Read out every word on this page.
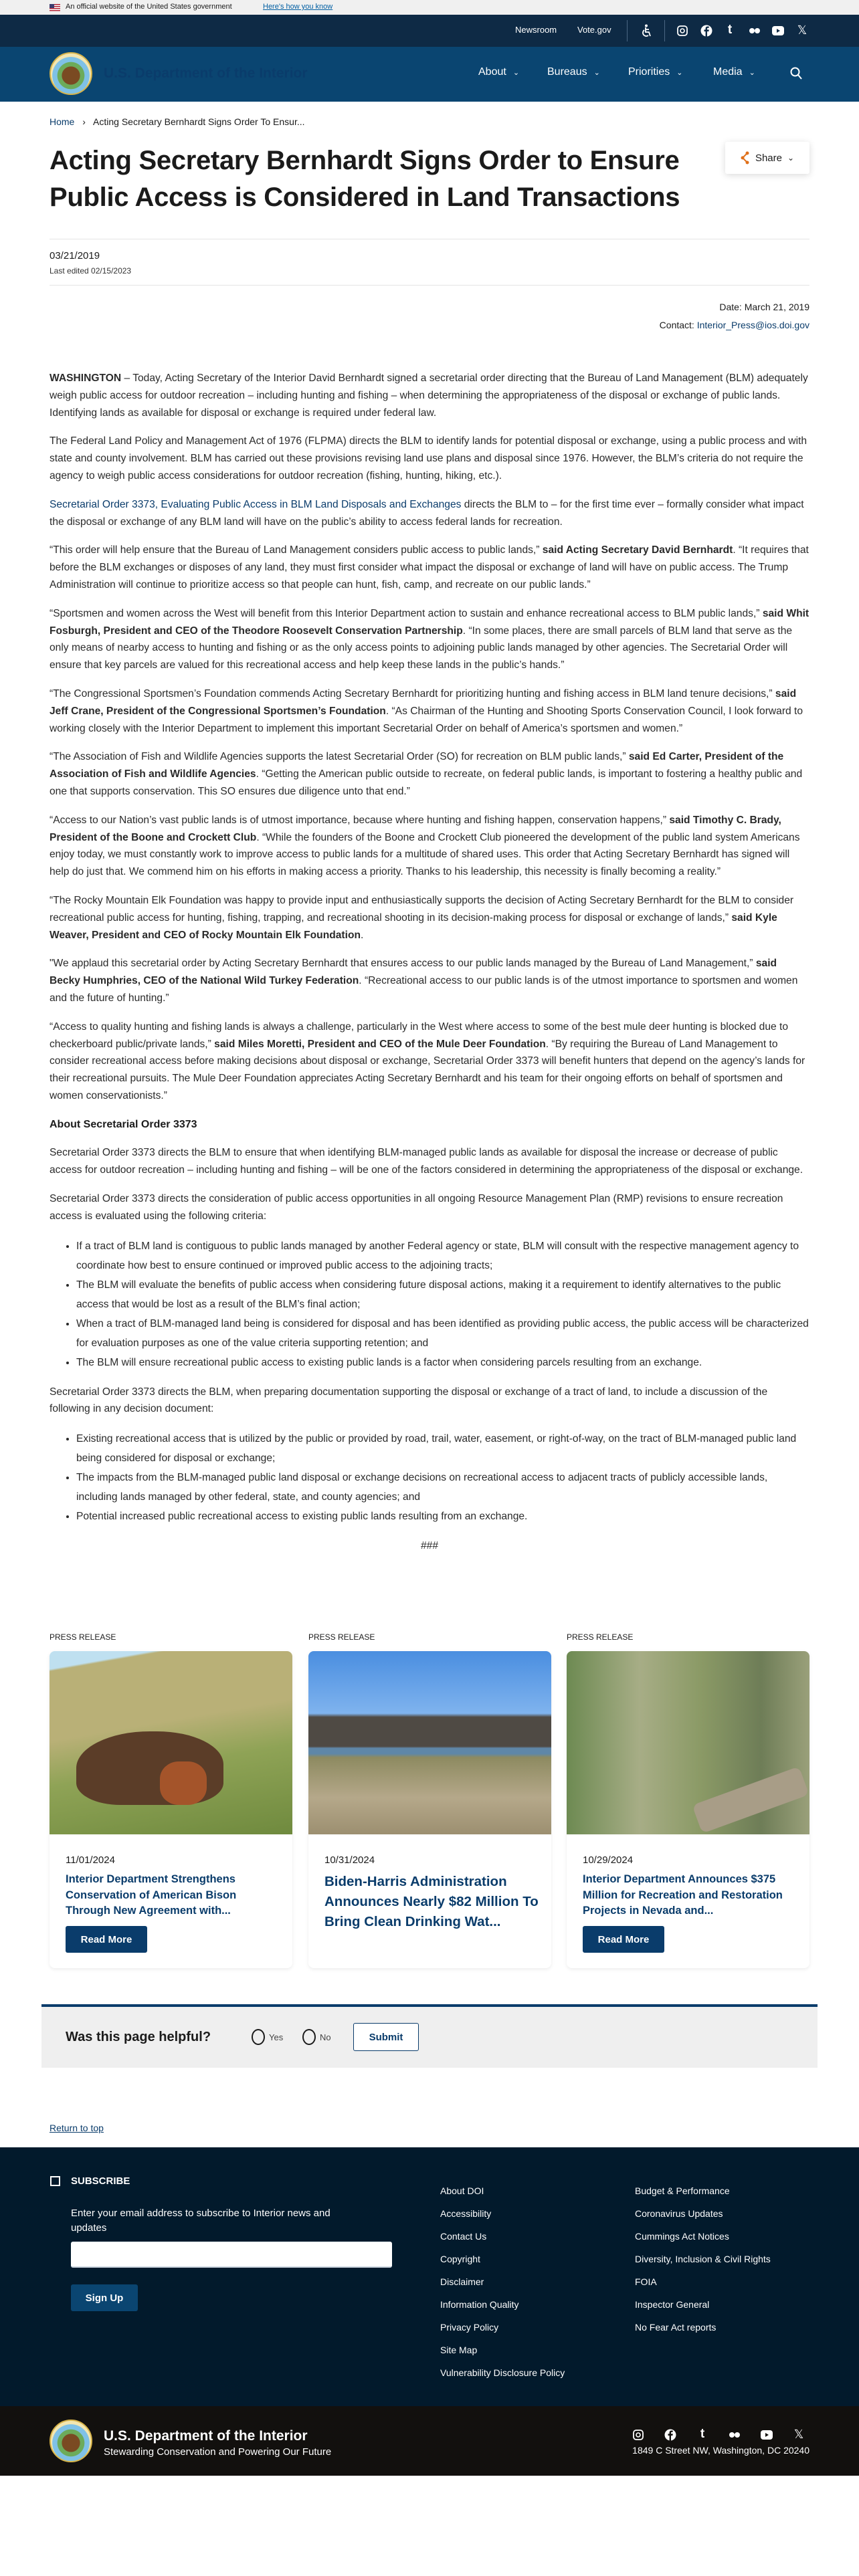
An official website of the United States government	Here's how you know
Newsroom Vote.gov	t	𝕏
U.S. Department of the Interior	About ⌄	Bureaus ⌄	Priorities ⌄	Media ⌄
Home › Acting Secretary Bernhardt Signs Order To Ensur...
Acting Secretary Bernhardt Signs Order to Ensure Public Access is Considered in Land Transactions
Share ⌄
03/21/2019
Last edited 02/15/2023
Date: March 21, 2019
Contact: Interior_Press@ios.doi.gov

WASHINGTON – Today, Acting Secretary of the Interior David Bernhardt signed a secretarial order directing that the Bureau of Land Management (BLM) adequately weigh public access for outdoor recreation – including hunting and fishing – when determining the appropriateness of the disposal or exchange of public lands. Identifying lands as available for disposal or exchange is required under federal law.

The Federal Land Policy and Management Act of 1976 (FLPMA) directs the BLM to identify lands for potential disposal or exchange, using a public process and with state and county involvement. BLM has carried out these provisions revising land use plans and disposal since 1976. However, the BLM’s criteria do not require the agency to weigh public access considerations for outdoor recreation (fishing, hunting, hiking, etc.).

Secretarial Order 3373, Evaluating Public Access in BLM Land Disposals and Exchanges directs the BLM to – for the first time ever – formally consider what impact the disposal or exchange of any BLM land will have on the public’s ability to access federal lands for recreation.

“This order will help ensure that the Bureau of Land Management considers public access to public lands,” said Acting Secretary David Bernhardt. “It requires that before the BLM exchanges or disposes of any land, they must first consider what impact the disposal or exchange of land will have on public access. The Trump Administration will continue to prioritize access so that people can hunt, fish, camp, and recreate on our public lands.”

“Sportsmen and women across the West will benefit from this Interior Department action to sustain and enhance recreational access to BLM public lands,” said Whit Fosburgh, President and CEO of the Theodore Roosevelt Conservation Partnership. “In some places, there are small parcels of BLM land that serve as the only means of nearby access to hunting and fishing or as the only access points to adjoining public lands managed by other agencies. The Secretarial Order will ensure that key parcels are valued for this recreational access and help keep these lands in the public’s hands.”

“The Congressional Sportsmen’s Foundation commends Acting Secretary Bernhardt for prioritizing hunting and fishing access in BLM land tenure decisions,” said Jeff Crane, President of the Congressional Sportsmen’s Foundation. “As Chairman of the Hunting and Shooting Sports Conservation Council, I look forward to working closely with the Interior Department to implement this important Secretarial Order on behalf of America’s sportsmen and women.”

“The Association of Fish and Wildlife Agencies supports the latest Secretarial Order (SO) for recreation on BLM public lands,” said Ed Carter, President of the Association of Fish and Wildlife Agencies. “Getting the American public outside to recreate, on federal public lands, is important to fostering a healthy public and one that supports conservation. This SO ensures due diligence unto that end.”

“Access to our Nation’s vast public lands is of utmost importance, because where hunting and fishing happen, conservation happens,” said Timothy C. Brady, President of the Boone and Crockett Club. “While the founders of the Boone and Crockett Club pioneered the development of the public land system Americans enjoy today, we must constantly work to improve access to public lands for a multitude of shared uses. This order that Acting Secretary Bernhardt has signed will help do just that. We commend him on his efforts in making access a priority. Thanks to his leadership, this necessity is finally becoming a reality.”

“The Rocky Mountain Elk Foundation was happy to provide input and enthusiastically supports the decision of Acting Secretary Bernhardt for the BLM to consider recreational public access for hunting, fishing, trapping, and recreational shooting in its decision-making process for disposal or exchange of lands,” said Kyle Weaver, President and CEO of Rocky Mountain Elk Foundation.

"We applaud this secretarial order by Acting Secretary Bernhardt that ensures access to our public lands managed by the Bureau of Land Management,” said Becky Humphries, CEO of the National Wild Turkey Federation. “Recreational access to our public lands is of the utmost importance to sportsmen and women and the future of hunting.”

“Access to quality hunting and fishing lands is always a challenge, particularly in the West where access to some of the best mule deer hunting is blocked due to checkerboard public/private lands,” said Miles Moretti, President and CEO of the Mule Deer Foundation. “By requiring the Bureau of Land Management to consider recreational access before making decisions about disposal or exchange, Secretarial Order 3373 will benefit hunters that depend on the agency’s lands for their recreational pursuits. The Mule Deer Foundation appreciates Acting Secretary Bernhardt and his team for their ongoing efforts on behalf of sportsmen and women conservationists.”

About Secretarial Order 3373

Secretarial Order 3373 directs the BLM to ensure that when identifying BLM-managed public lands as available for disposal the increase or decrease of public access for outdoor recreation – including hunting and fishing – will be one of the factors considered in determining the appropriateness of the disposal or exchange.

Secretarial Order 3373 directs the consideration of public access opportunities in all ongoing Resource Management Plan (RMP) revisions to ensure recreation access is evaluated using the following criteria:

• If a tract of BLM land is contiguous to public lands managed by another Federal agency or state, BLM will consult with the respective management agency to coordinate how best to ensure continued or improved public access to the adjoining tracts;
• The BLM will evaluate the benefits of public access when considering future disposal actions, making it a requirement to identify alternatives to the public access that would be lost as a result of the BLM’s final action;
• When a tract of BLM-managed land being is considered for disposal and has been identified as providing public access, the public access will be characterized for evaluation purposes as one of the value criteria supporting retention; and
• The BLM will ensure recreational public access to existing public lands is a factor when considering parcels resulting from an exchange.

Secretarial Order 3373 directs the BLM, when preparing documentation supporting the disposal or exchange of a tract of land, to include a discussion of the following in any decision document:

• Existing recreational access that is utilized by the public or provided by road, trail, water, easement, or right-of-way, on the tract of BLM-managed public land being considered for disposal or exchange;
• The impacts from the BLM-managed public land disposal or exchange decisions on recreational access to adjacent tracts of publicly accessible lands, including lands managed by other federal, state, and county agencies; and
• Potential increased public recreational access to existing public lands resulting from an exchange.

###

PRESS RELEASE	PRESS RELEASE	PRESS RELEASE
11/01/2024
Interior Department Strengthens Conservation of American Bison Through New Agreement with...
Read More
10/31/2024
Biden-Harris Administration Announces Nearly $82 Million To Bring Clean Drinking Wat...
10/29/2024
Interior Department Announces $375 Million for Recreation and Restoration Projects in Nevada and...
Read More
Was this page helpful?	Yes	No	Submit
Return to top
SUBSCRIBE
Enter your email address to subscribe to Interior news and updates
Sign Up
About DOI
Accessibility
Contact Us
Copyright
Disclaimer
Information Quality
Privacy Policy
Site Map
Vulnerability Disclosure Policy
Budget & Performance
Coronavirus Updates
Cummings Act Notices
Diversity, Inclusion & Civil Rights
FOIA
Inspector General
No Fear Act reports
U.S. Department of the Interior
Stewarding Conservation and Powering Our Future
t	𝕏
1849 C Street NW, Washington, DC 20240
